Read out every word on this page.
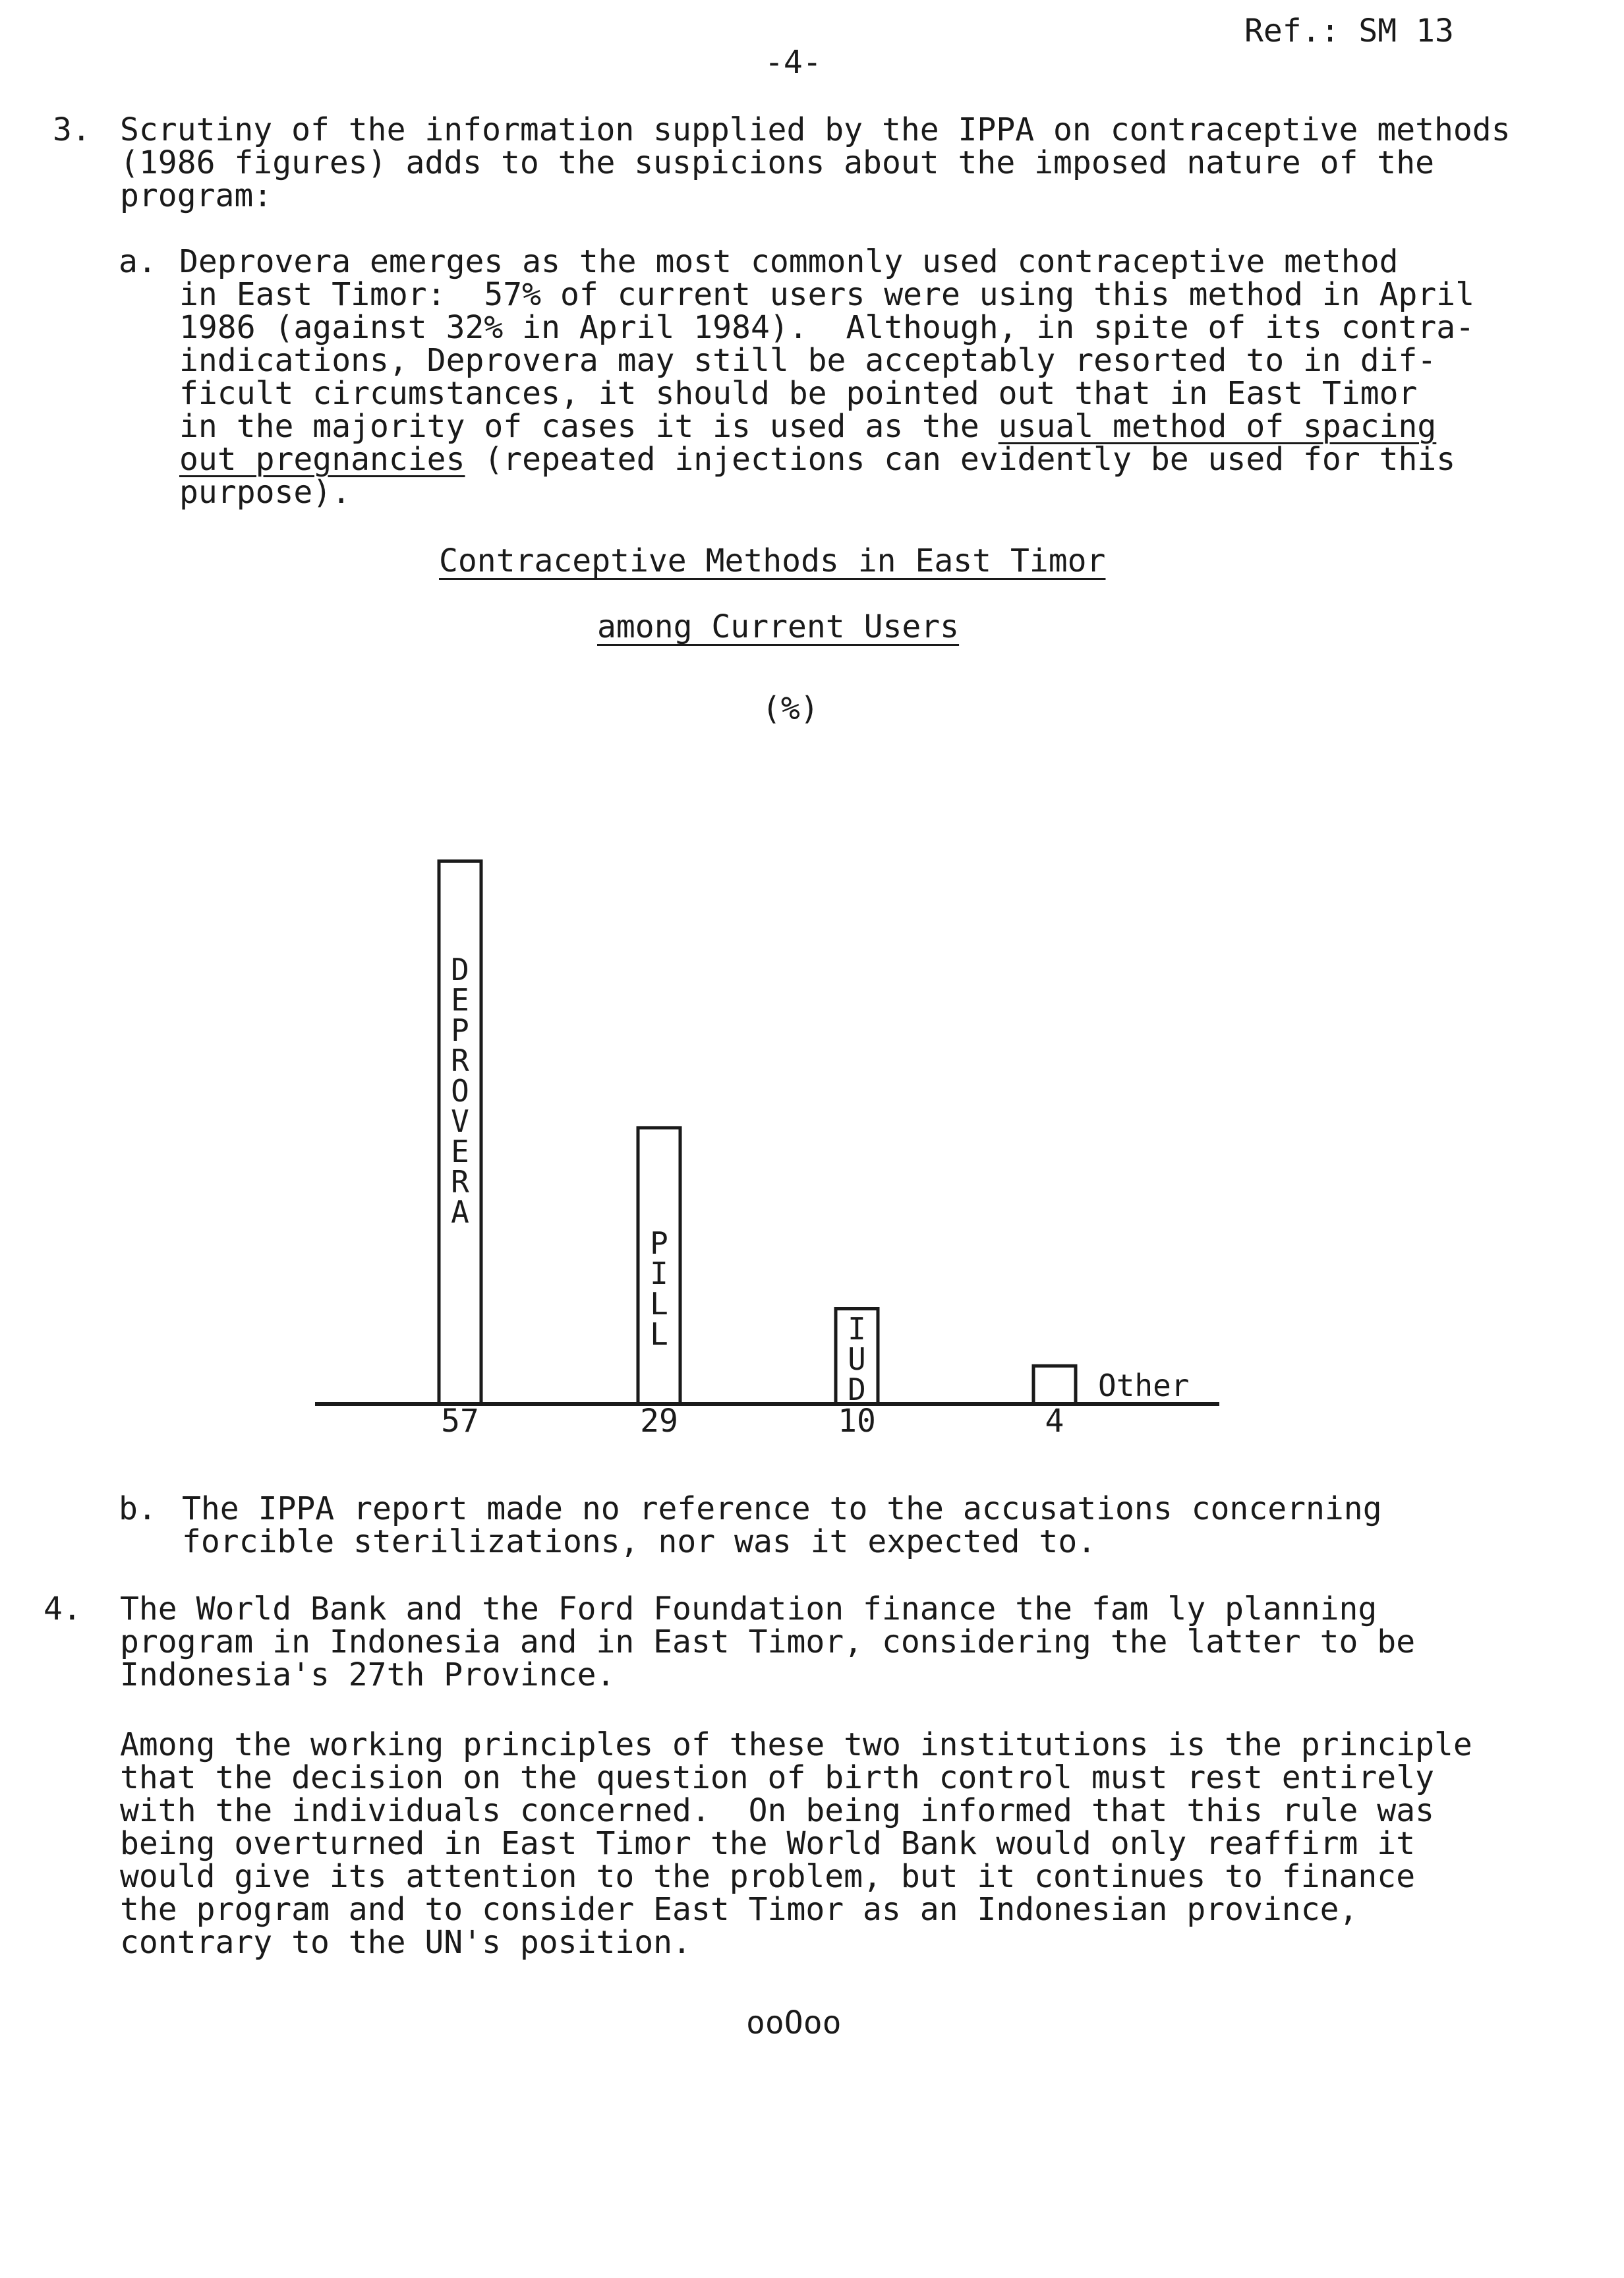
Ref.: SM 13
-4-
3. Scrutiny of the information supplied by the IPPA on contraceptive methods
(1986 figures) adds to the suspicions about the imposed nature of the
program:
a. Deprovera emerges as the most commonly used contraceptive method
in East Timor:  57% of current users were using this method in April
1986 (against 32% in April 1984).  Although, in spite of its contra-
indications, Deprovera may still be acceptably resorted to in dif-
ficult circumstances, it should be pointed out that in East Timor
in the majority of cases it is used as the usual method of spacing
out pregnancies (repeated injections can evidently be used for this
purpose).
Contraceptive Methods in East Timor
among Current Users
(%)
57
D
E
P
R
O
V
E
R
A
29
P
I
L
L
10
I
U
D
4
Other
b. The IPPA report made no reference to the accusations concerning
forcible sterilizations, nor was it expected to.
4. The World Bank and the Ford Foundation finance the fam ly planning
program in Indonesia and in East Timor, considering the latter to be
Indonesia's 27th Province.
Among the working principles of these two institutions is the principle
that the decision on the question of birth control must rest entirely
with the individuals concerned.  On being informed that this rule was
being overturned in East Timor the World Bank would only reaffirm it
would give its attention to the problem, but it continues to finance
the program and to consider East Timor as an Indonesian province,
contrary to the UN's position.
ooOoo
